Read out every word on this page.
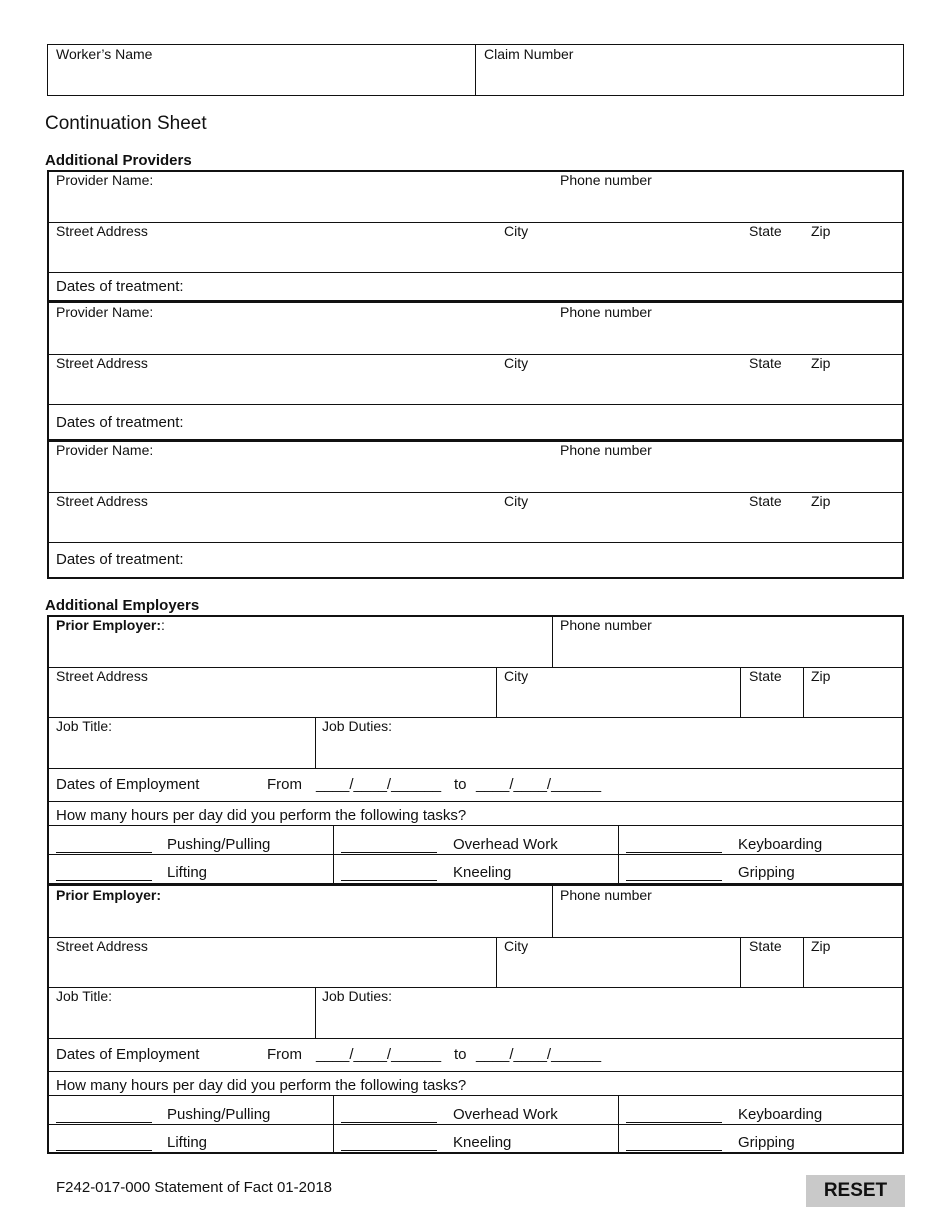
Worker’s Name	Claim Number
Continuation Sheet
Additional Providers
Provider Name:	Phone number
Street Address	City	State Zip
Dates of treatment:
Provider Name:	Phone number
Street Address	City	State Zip
Dates of treatment:
Provider Name:	Phone number
Street Address	City	State Zip
Dates of treatment:
Additional Employers
Prior Employer::	Phone number
Street Address	City	State Zip
Job Title:	Job Duties:
Dates of Employment	From ____/____/______ to ____/____/______
How many hours per day did you perform the following tasks?
Pushing/Pulling	Overhead Work	Keyboarding
Lifting	Kneeling	Gripping
Prior Employer:	Phone number
Street Address	City	State Zip
Job Title:	Job Duties:
Dates of Employment	From ____/____/______ to ____/____/______
How many hours per day did you perform the following tasks?
Pushing/Pulling	Overhead Work	Keyboarding
Lifting	Kneeling	Gripping
F242-017-000 Statement of Fact 01-2018	RESET
